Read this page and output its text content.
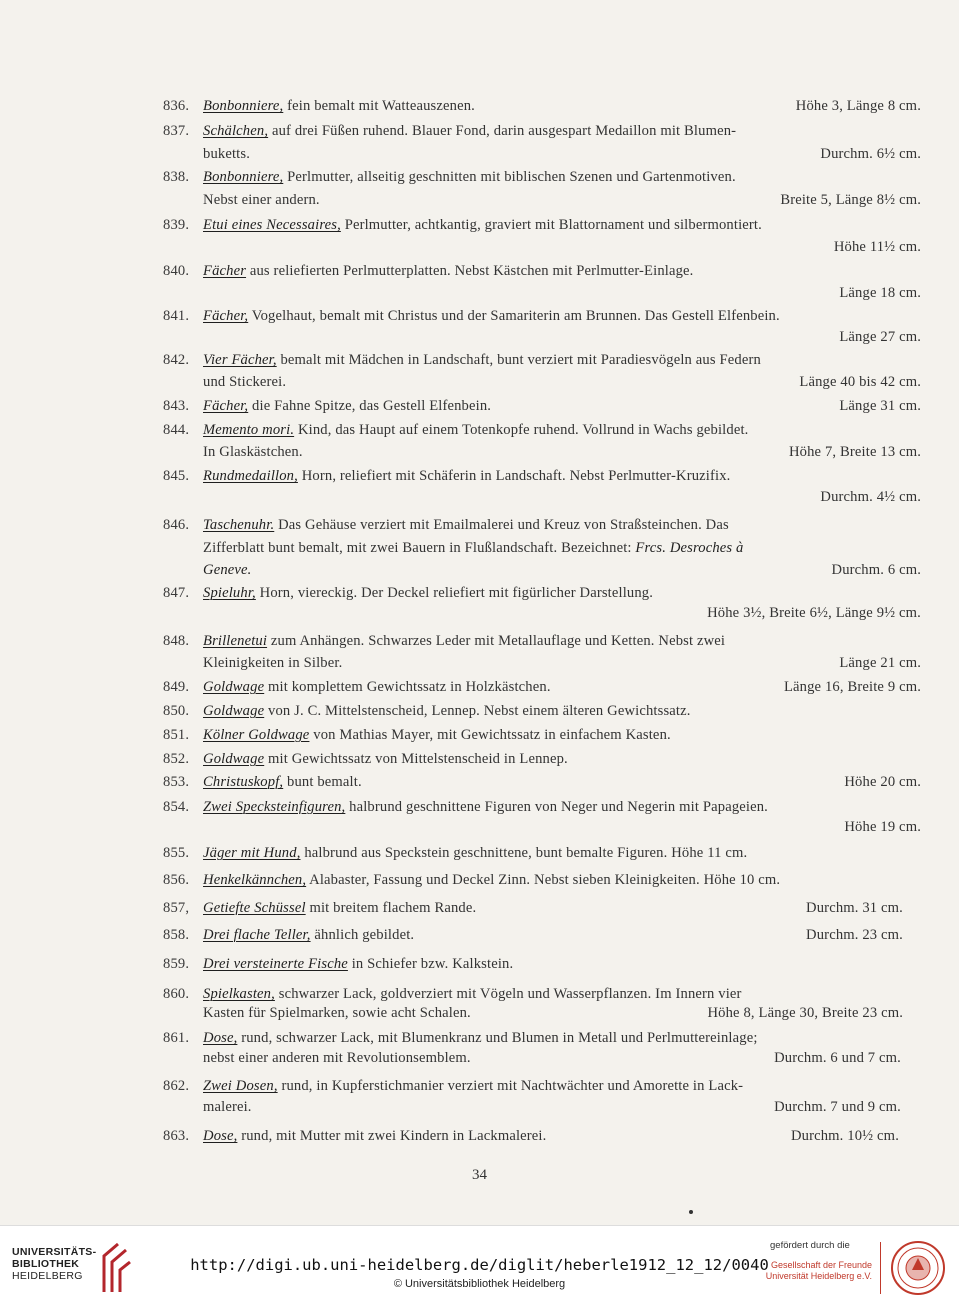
836. Bonbonniere, fein bemalt mit Watteauszenen.	Höhe 3, Länge 8 cm.
837. Schälchen, auf drei Füßen ruhend. Blauer Fond, darin ausgespart Medaillon mit Blumen-
buketts.	Durchm. 6½ cm.
838. Bonbonniere, Perlmutter, allseitig geschnitten mit biblischen Szenen und Gartenmotiven.
Nebst einer andern.	Breite 5, Länge 8½ cm.
839. Etui eines Necessaires, Perlmutter, achtkantig, graviert mit Blattornament und silbermontiert.
Höhe 11½ cm.
840. Fächer aus reliefierten Perlmutterplatten. Nebst Kästchen mit Perlmutter-Einlage.
Länge 18 cm.
841. Fächer, Vogelhaut, bemalt mit Christus und der Samariterin am Brunnen. Das Gestell Elfenbein.
Länge 27 cm.
842. Vier Fächer, bemalt mit Mädchen in Landschaft, bunt verziert mit Paradiesvögeln aus Federn
und Stickerei.	Länge 40 bis 42 cm.
843. Fächer, die Fahne Spitze, das Gestell Elfenbein.	Länge 31 cm.
844. Memento mori. Kind, das Haupt auf einem Totenkopfe ruhend. Vollrund in Wachs gebildet.
In Glaskästchen.	Höhe 7, Breite 13 cm.
845. Rundmedaillon, Horn, reliefiert mit Schäferin in Landschaft. Nebst Perlmutter-Kruzifix.
Durchm. 4½ cm.
846. Taschenuhr. Das Gehäuse verziert mit Emailmalerei und Kreuz von Straßsteinchen. Das
Zifferblatt bunt bemalt, mit zwei Bauern in Flußlandschaft. Bezeichnet: Frcs. Desroches à
Geneve.	Durchm. 6 cm.
847. Spieluhr, Horn, viereckig. Der Deckel reliefiert mit figürlicher Darstellung.
Höhe 3½, Breite 6½, Länge 9½ cm.
848. Brillenetui zum Anhängen. Schwarzes Leder mit Metallauflage und Ketten. Nebst zwei
Kleinigkeiten in Silber.	Länge 21 cm.
849. Goldwage mit komplettem Gewichtssatz in Holzkästchen.	Länge 16, Breite 9 cm.
850. Goldwage von J. C. Mittelstenscheid, Lennep. Nebst einem älteren Gewichtssatz.
851. Kölner Goldwage von Mathias Mayer, mit Gewichtssatz in einfachem Kasten.
852. Goldwage mit Gewichtssatz von Mittelstenscheid in Lennep.
853. Christuskopf, bunt bemalt.	Höhe 20 cm.
854. Zwei Specksteinfiguren, halbrund geschnittene Figuren von Neger und Negerin mit Papageien.
Höhe 19 cm.
855. Jäger mit Hund, halbrund aus Speckstein geschnittene, bunt bemalte Figuren. Höhe 11 cm.
856. Henkelkännchen, Alabaster, Fassung und Deckel Zinn. Nebst sieben Kleinigkeiten. Höhe 10 cm.
857, Getiefte Schüssel mit breitem flachem Rande.	Durchm. 31 cm.
858. Drei flache Teller, ähnlich gebildet.	Durchm. 23 cm.
859. Drei versteinerte Fische in Schiefer bzw. Kalkstein.
860. Spielkasten, schwarzer Lack, goldverziert mit Vögeln und Wasserpflanzen. Im Innern vier
Kasten für Spielmarken, sowie acht Schalen.	Höhe 8, Länge 30, Breite 23 cm.
861. Dose, rund, schwarzer Lack, mit Blumenkranz und Blumen in Metall und Perlmuttereinlage;
nebst einer anderen mit Revolutionsemblem.	Durchm. 6 und 7 cm.
862. Zwei Dosen, rund, in Kupferstichmanier verziert mit Nachtwächter und Amorette in Lack-
malerei.	Durchm. 7 und 9 cm.
863. Dose, rund, mit Mutter mit zwei Kindern in Lackmalerei.	Durchm. 10½ cm.
34
UNIVERSITÄTS-
BIBLIOTHEK
HEIDELBERG
http://digi.ub.uni-heidelberg.de/diglit/heberle1912_12_12/0040
© Universitätsbibliothek Heidelberg
gefördert durch die
Gesellschaft der Freunde
Universität Heidelberg e.V.
